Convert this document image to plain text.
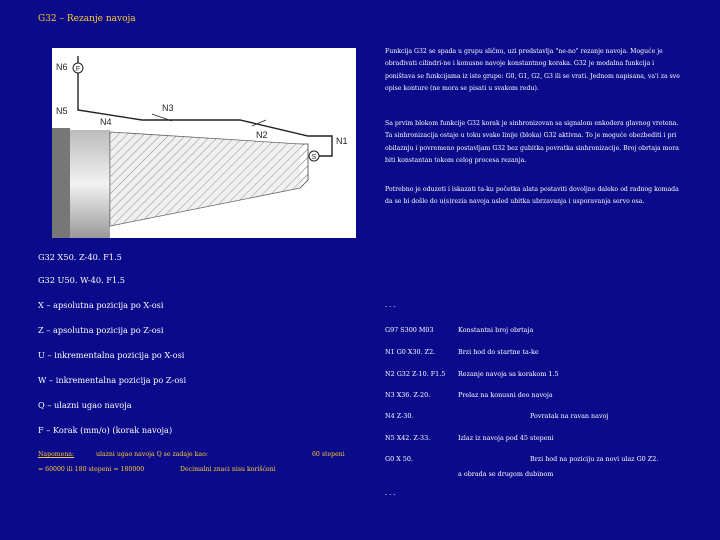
G32 – Rezanje navoja
F
S
N6
N5
N4
N3
N2
N1
Funkcija G32 se spada u grupu sličnu, uzi predstavlja "ne-no" rezanje navoja. Moguće je obrađivati cilindri-ne i konusne navoje konstantnog koraka. G32 je modalna funkcija i poništava se funkcijama iz iste grupe: G0, G1, G2, G3 ili se vrati. Jednom napisana, va'i za sve opise konture (ne mora se pisati u svakom redu).
Sa prvim blokom funkcije G32 korak je sinhronizovan sa signalom enkodera glavnog vretena. Ta sinhronizacija ostaje u toku svake linije (bloka) G32 aktivna. To je moguće obezbediti i pri obilaznju i povremeno postavljam G32 bez gubitka povratka sinhronizacije. Broj obrtaja mora biti konstantan tokom celog procesa rezanja.
Potrebno je oduzeti i iskazati ta-ku početka alata postaviti dovoljno daleko od radnog komada da se bi došlo do u(s)rezia navoja usled ubitka ubrzavanja i usporavanja servo osa.
G32 X50. Z-40. F1.5
G32 U50. W-40. F1.5
X – apsolutna pozicija po X-osi
Z – apsolutna pozicija po Z-osi
U – inkrementalna pozicija po X-osi
W – inkrementalna pozicija po Z-osi
Q – ulazni ugao navoja
F – Korak (mm/o) (korak navoja)
Napomena:	ulazni ugao navoja Q se zadaje kao:	60 stepeni
= 60000 ili 180 stepeni = 180000	Decimalni znaci nisu korišćeni
- - -
G97 S300 M03	Konstantni broj obrtaja
N1 G0 X30. Z2.	Brzi hod do startne ta-ke
N2 G32 Z-10. F1.5 Rezanje navoja sa korakom 1.5
N3 X36. Z-20.	Prelaz na konusni deo navoja
N4 Z-30.	Povratak na ravan navoj
N5 X42. Z-33.	Izlaz iz navoja pod 45 stepeni
G0 X 50.	Brzi hod na poziciju za novi ulaz G0 Z2.
a obrada se drugom dubinom
- - -
